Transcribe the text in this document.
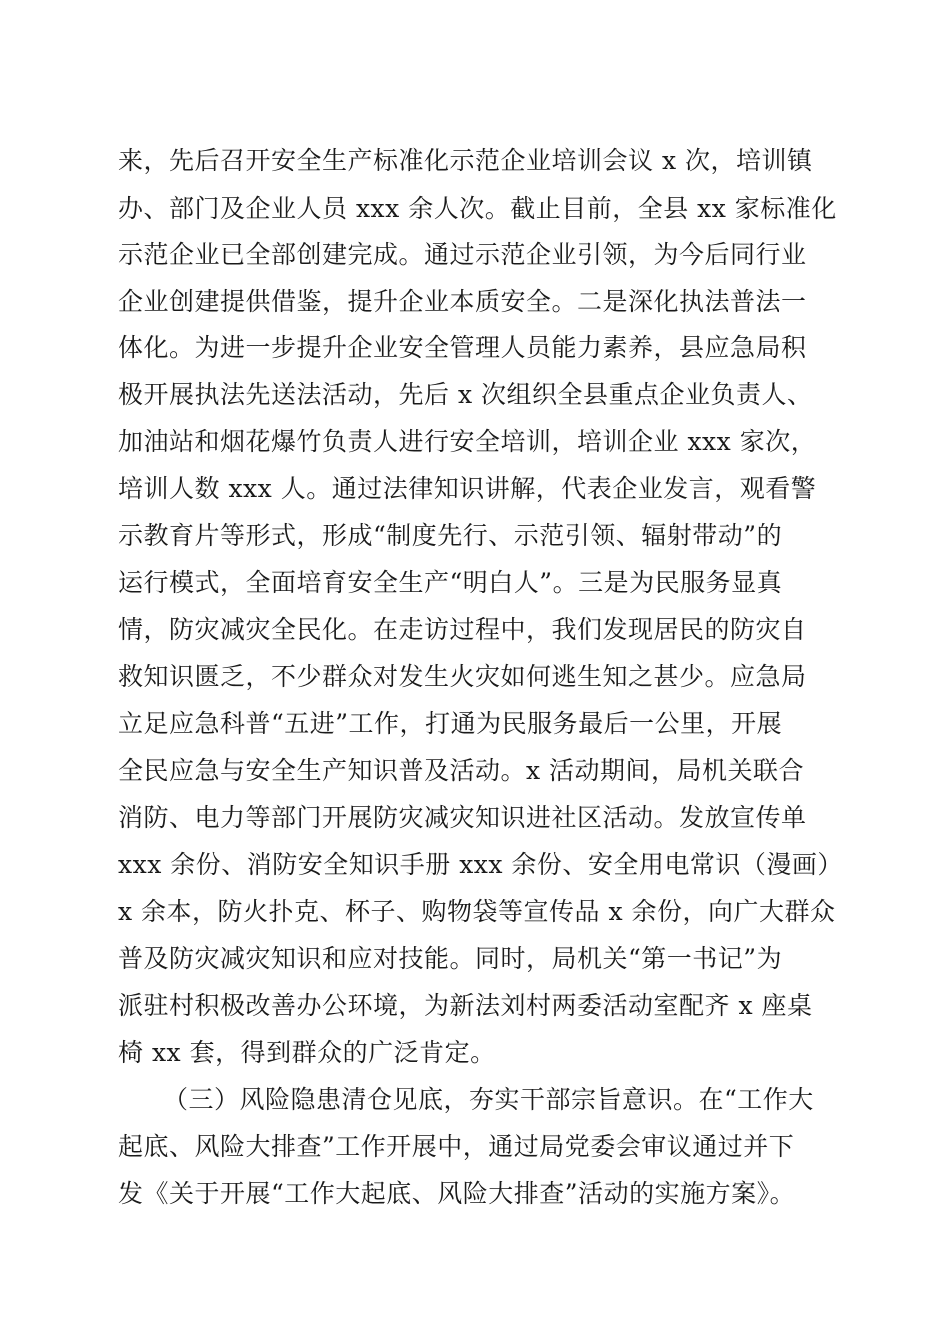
来，先后召开安全生产标准化示范企业培训会议 x 次，培训镇

办、部门及企业人员 xxx 余人次。截止目前，全县 xx 家标准化

示范企业已全部创建完成。通过示范企业引领，为今后同行业

企业创建提供借鉴，提升企业本质安全。二是深化执法普法一

体化。为进一步提升企业安全管理人员能力素养，县应急局积

极开展执法先送法活动，先后 x 次组织全县重点企业负责人、

加油站和烟花爆竹负责人进行安全培训，培训企业 xxx 家次，

培训人数 xxx 人。通过法律知识讲解，代表企业发言，观看警

示教育片等形式，形成“制度先行、示范引领、辐射带动”的

运行模式，全面培育安全生产“明白人”。三是为民服务显真

情，防灾减灾全民化。在走访过程中，我们发现居民的防灾自

救知识匮乏，不少群众对发生火灾如何逃生知之甚少。应急局

立足应急科普“五进”工作，打通为民服务最后一公里，开展

全民应急与安全生产知识普及活动。x 活动期间，局机关联合

消防、电力等部门开展防灾减灾知识进社区活动。发放宣传单

xxx 余份、消防安全知识手册 xxx 余份、安全用电常识（漫画）

x 余本，防火扑克、杯子、购物袋等宣传品 x 余份，向广大群众

普及防灾减灾知识和应对技能。同时，局机关“第一书记”为

派驻村积极改善办公环境，为新法刘村两委活动室配齐 x 座桌

椅 xx 套，得到群众的广泛肯定。

（三）风险隐患清仓见底，夯实干部宗旨意识。在“工作大

起底、风险大排查”工作开展中，通过局党委会审议通过并下

发《关于开展“工作大起底、风险大排查”活动的实施方案》。
